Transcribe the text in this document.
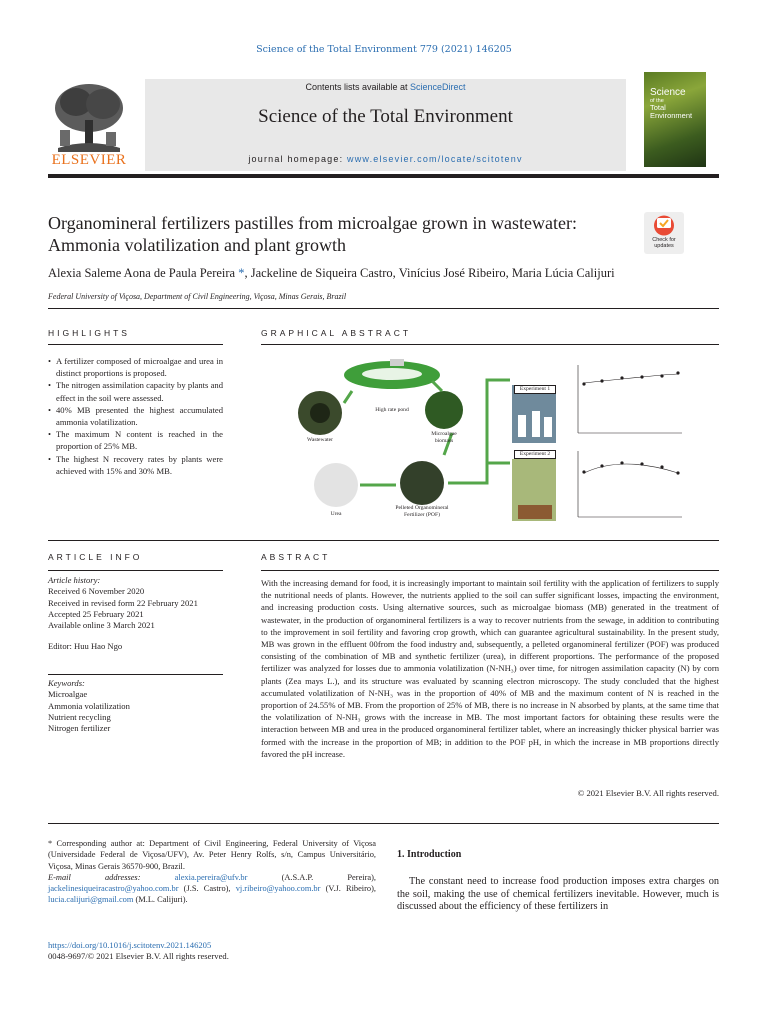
Science of the Total Environment 779 (2021) 146205
ELSEVIER
Contents lists available at ScienceDirect
Science of the Total Environment
journal homepage: www.elsevier.com/locate/scitotenv
Science
of the
Total Environment
Organomineral fertilizers pastilles from microalgae grown in wastewater: Ammonia volatilization and plant growth	Check for updates
Alexia Saleme Aona de Paula Pereira *, Jackeline de Siqueira Castro, Vinícius José Ribeiro, Maria Lúcia Calijuri
Federal University of Viçosa, Department of Civil Engineering, Viçosa, Minas Gerais, Brazil
HIGHLIGHTS
• A fertilizer composed of microalgae and urea in distinct proportions is proposed.
• The nitrogen assimilation capacity by plants and effect in the soil were assessed.
• 40% MB presented the highest accumulated ammonia volatilization.
• The maximum N content is reached in the proportion of 25% MB.
• The highest N recovery rates by plants were achieved with 15% and 30% MB.
GRAPHICAL ABSTRACT
High rate pond
Wastewater
Microalgae biomass
Urea
Pelleted Organomineral Fertilizer (POF)
Experiment 1
Experiment 2
ARTICLE INFO
Article history:
Received 6 November 2020
Received in revised form 22 February 2021
Accepted 25 February 2021
Available online 3 March 2021
Editor: Huu Hao Ngo
Keywords:
Microalgae
Ammonia volatilization
Nutrient recycling
Nitrogen fertilizer
ABSTRACT
With the increasing demand for food, it is increasingly important to maintain soil fertility with the application of fertilizers to supply the nutritional needs of plants. However, the nutrients applied to the soil can suffer significant losses, impacting the environment, and increasing production costs. Using alternative sources, such as microalgae biomass (MB) generated in the treatment of wastewater, in the production of organomineral fertilizers is a way to recover nutrients from the sewage, in addition to contributing to the improvement in soil fertility and favoring crop growth, which can guarantee agricultural sustainability. In the present study, MB was grown in the effluent 00from the food industry and, subsequently, a pelleted organomineral fertilizer (POF) was produced consisting of the combination of MB and synthetic fertilizer (urea), in different proportions. The performance of the proposed fertilizer was analyzed for losses due to ammonia volatilization (N-NH₃) over time, for nitrogen assimilation capacity (N) by corn plants (Zea mays L.), and its structure was evaluated by scanning electron microscopy. The study concluded that the highest accumulated volatilization of N-NH₃ was in the proportion of 40% of MB and the maximum content of N is reached in the proportion of 24.55% of MB. From the proportion of 25% of MB, there is no increase in N absorbed by plants, at the same time that the volatilization of N-NH₃ grows with the increase in MB. The most important factors for obtaining these results were the interaction between MB and urea in the produced organomineral fertilizer tablet, where an increasingly thicker physical barrier was formed with the increase in the proportion of MB; in addition to the POF pH, in which the increase in MB proportions directly favored the pH increase.
© 2021 Elsevier B.V. All rights reserved.
* Corresponding author at: Department of Civil Engineering, Federal University of Viçosa (Universidade Federal de Viçosa/UFV), Av. Peter Henry Rolfs, s/n, Campus Universitário, Viçosa, Minas Gerais 36570-900, Brazil.
E-mail addresses: alexia.pereira@ufv.br (A.S.A.P. Pereira), jackelinesiqueiracastro@yahoo.com.br (J.S. Castro), vj.ribeiro@yahoo.com.br (V.J. Ribeiro), lucia.calijuri@gmail.com (M.L. Calijuri).
https://doi.org/10.1016/j.scitotenv.2021.146205
0048-9697/© 2021 Elsevier B.V. All rights reserved.
1. Introduction
The constant need to increase food production imposes extra charges on the soil, making the use of chemical fertilizers inevitable. However, much is discussed about the efficiency of these fertilizers in
